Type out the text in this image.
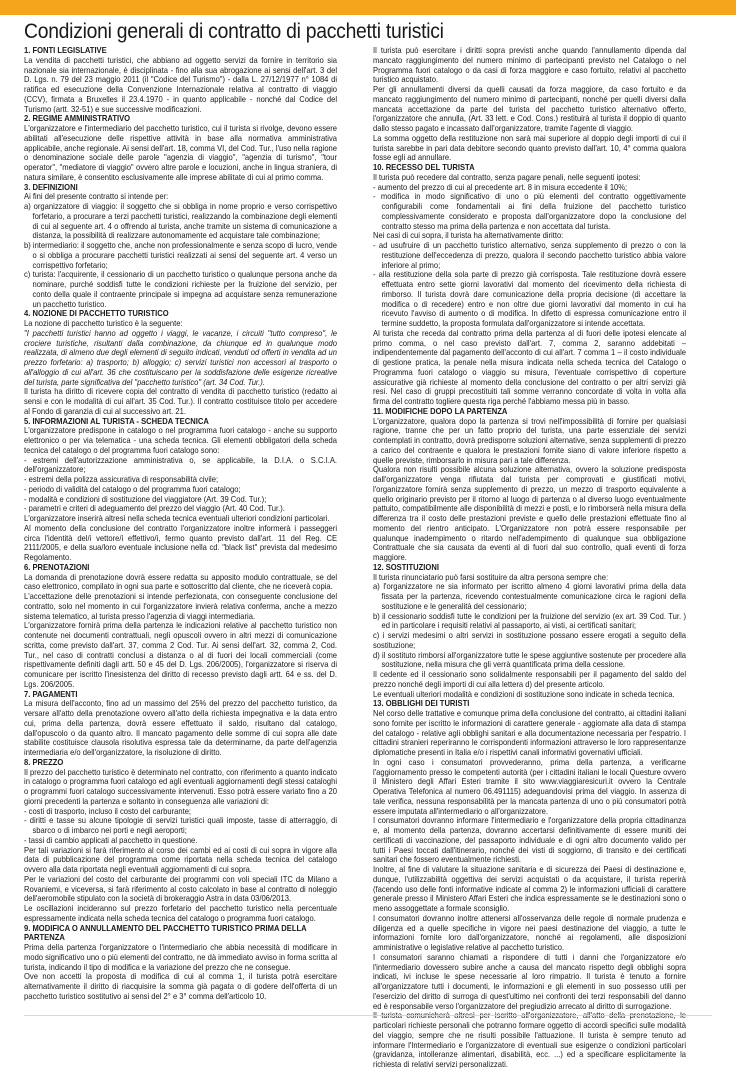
Condizioni generali di contratto di pacchetti turistici
1. FONTI LEGISLATIVE

La vendita di pacchetti turistici, che abbiano ad oggetto servizi da fornire in territorio sia nazionale sia internazionale, è disciplinata - fino alla sua abrogazione ai sensi dell'art. 3 del D. Lgs. n. 79 del 23 maggio 2011 (il "Codice del Turismo") - dalla L. 27/12/1977 n° 1084 di ratifica ed esecuzione della Convenzione Internazionale relativa al contratto di viaggio (CCV), firmata a Bruxelles il 23.4.1970 - in quanto applicabile - nonché dal Codice del Turismo (artt. 32-51) e sue successive modificazioni.

2. REGIME AMMINISTRATIVO

L'organizzatore e l'intermediario del pacchetto turistico, cui il turista si rivolge, devono essere abilitati all'esecuzione delle rispettive attività in base alla normativa amministrativa applicabile, anche regionale. Ai sensi dell'art. 18, comma VI, del Cod. Tur., l'uso nella ragione o denominazione sociale delle parole "agenzia di viaggio", "agenzia di turismo", "tour operator", "mediatore di viaggio" ovvero altre parole e locuzioni, anche in lingua straniera, di natura similare, è consentito esclusivamente alle imprese abilitate di cui al primo comma.

3. DEFINIZIONI

Ai fini del presente contratto si intende per:

a) organizzatore di viaggio: il soggetto che si obbliga in nome proprio e verso corrispettivo forfetario, a procurare a terzi pacchetti turistici, realizzando la combinazione degli elementi di cui al seguente art. 4 o offrendo al turista, anche tramite un sistema di comunicazione a distanza, la possibilità di realizzare autonomamente ed acquistare tale combinazione;

b) intermediario: il soggetto che, anche non professionalmente e senza scopo di lucro, vende o si obbliga a procurare pacchetti turistici realizzati ai sensi del seguente art. 4 verso un corrispettivo forfetario;

c) turista: l'acquirente, il cessionario di un pacchetto turistico o qualunque persona anche da nominare, purché soddisfi tutte le condizioni richieste per la fruizione del servizio, per conto della quale il contraente principale si impegna ad acquistare senza remunerazione un pacchetto turistico.

4. NOZIONE DI PACCHETTO TURISTICO

La nozione di pacchetto turistico è la seguente:

"I pacchetti turistici hanno ad oggetto i viaggi, le vacanze, i circuiti "tutto compreso", le crociere turistiche, risultanti dalla combinazione, da chiunque ed in qualunque modo realizzata, di almeno due degli elementi di seguito indicati, venduti od offerti in vendita ad un prezzo forfetario: a) trasporto; b) alloggio; c) servizi turistici non accessori al trasporto o all'alloggio di cui all'art. 36 che costituiscano per la soddisfazione delle esigenze ricreative del turista, parte significativa del "pacchetto turistico" (art. 34 Cod. Tur.).

Il turista ha diritto di ricevere copia del contratto di vendita di pacchetto turistico (redatto ai sensi e con le modalità di cui all'art. 35 Cod. Tur.). Il contratto costituisce titolo per accedere al Fondo di garanzia di cui al successivo art. 21.

5. INFORMAZIONI AL TURISTA - SCHEDA TECNICA

L'organizzatore predispone in catalogo o nel programma fuori catalogo - anche su supporto elettronico o per via telematica - una scheda tecnica. Gli elementi obbligatori della scheda tecnica del catalogo o del programma fuori catalogo sono:

- estremi dell'autorizzazione amministrativa o, se applicabile, la D.I.A. o S.C.I.A. dell'organizzatore;

- estremi della polizza assicurativa di responsabilità civile;

- periodo di validità del catalogo o del programma fuori catalogo;

- modalità e condizioni di sostituzione del viaggiatore (Art. 39 Cod. Tur.);

- parametri e criteri di adeguamento del prezzo del viaggio (Art. 40 Cod. Tur.).

L'organizzatore inserirà altresì nella scheda tecnica eventuali ulteriori condizioni particolari.

Al momento della conclusione del contratto l'organizzatore inoltre informerà i passeggeri circa l'identità del/i vettore/i effettivo/i, fermo quanto previsto dall'art. 11 del Reg. CE 2111/2005, e della sua/loro eventuale inclusione nella cd. "black list" prevista dal medesimo Regolamento.

6. PRENOTAZIONI

La domanda di prenotazione dovrà essere redatta su apposito modulo contrattuale, se del caso elettronico, compilato in ogni sua parte e sottoscritto dal cliente, che ne riceverà copia.

L'accettazione delle prenotazioni si intende perfezionata, con conseguente conclusione del contratto, solo nel momento in cui l'organizzatore invierà relativa conferma, anche a mezzo sistema telematico, al turista presso l'agenzia di viaggi intermediaria.

L'organizzatore fornirà prima della partenza le indicazioni relative al pacchetto turistico non contenute nei documenti contrattuali, negli opuscoli ovvero in altri mezzi di comunicazione scritta, come previsto dall'art. 37, comma 2 Cod. Tur. Ai sensi dell'art. 32, comma 2, Cod. Tur., nel caso di contratti conclusi a distanza o al di fuori dei locali commerciali (come rispettivamente definiti dagli artt. 50 e 45 del D. Lgs. 206/2005), l'organizzatore si riserva di comunicare per iscritto l'inesistenza del diritto di recesso previsto dagli artt. 64 e ss. del D. Lgs. 206/2005.

7. PAGAMENTI

La misura dell'acconto, fino ad un massimo del 25% del prezzo del pacchetto turistico, da versare all'atto della prenotazione ovvero all'atto della richiesta impegnativa e la data entro cui, prima della partenza, dovrà essere effettuato il saldo, risultano dal catalogo, dall'opuscolo o da quanto altro. Il mancato pagamento delle somme di cui sopra alle date stabilite costituisce clausola risolutiva espressa tale da determinarne, da parte dell'agenzia intermediaria e/o dell'organizzatore, la risoluzione di diritto.

8. PREZZO

Il prezzo del pacchetto turistico è determinato nel contratto, con riferimento a quanto indicato in catalogo o programma fuori catalogo ed agli eventuali aggiornamenti degli stessi cataloghi o programmi fuori catalogo successivamente intervenuti. Esso potrà essere variato fino a 20 giorni precedenti la partenza e soltanto in conseguenza alle variazioni di:

- costi di trasporto, incluso il costo del carburante;

- diritti e tasse su alcune tipologie di servizi turistici quali imposte, tasse di atterraggio, di sbarco o di imbarco nei porti e negli aeroporti;

- tassi di cambio applicati al pacchetto in questione.

Per tali variazioni si farà riferimento al corso dei cambi ed ai costi di cui sopra in vigore alla data di pubblicazione del programma come riportata nella scheda tecnica del catalogo ovvero alla data riportata negli eventuali aggiornamenti di cui sopra.

Per le variazioni del costo del carburante dei programmi con voli speciali ITC da Milano a Rovaniemi, e viceversa, si farà riferimento al costo calcolato in base al contratto di noleggio dell'aeromobile stipulato con la società di brokeraggio Astra in data 03/06/2013.

Le oscillazioni incideranno sul prezzo forfetario del pacchetto turistico nella percentuale espressamente indicata nella scheda tecnica del catalogo o programma fuori catalogo.

9. MODIFICA O ANNULLAMENTO DEL PACCHETTO TURISTICO PRIMA DELLA PARTENZA

Prima della partenza l'organizzatore o l'intermediario che abbia necessità di modificare in modo significativo uno o più elementi del contratto, ne dà immediato avviso in forma scritta al turista, indicando il tipo di modifica e la variazione del prezzo che ne consegue.

Ove non accetti la proposta di modifica di cui al comma 1, il turista potrà esercitare alternativamente il diritto di riacquisire la somma già pagata o di godere dell'offerta di un pacchetto turistico sostitutivo ai sensi del 2° e 3° comma dell'articolo 10.

Il turista può esercitare i diritti sopra previsti anche quando l'annullamento dipenda dal mancato raggiungimento del numero minimo di partecipanti previsto nel Catalogo o nel Programma fuori catalogo o da casi di forza maggiore e caso fortuito, relativi al pacchetto turistico acquistato.

Per gli annullamenti diversi da quelli causati da forza maggiore, da caso fortuito e da mancato raggiungimento del numero minimo di partecipanti, nonché per quelli diversi dalla mancata accettazione da parte del turista del pacchetto turistico alternativo offerto, l'organizzatore che annulla, (Art. 33 lett. e Cod. Cons.) restituirà al turista il doppio di quanto dallo stesso pagato e incassato dall'organizzatore, tramite l'agente di viaggio.

La somma oggetto della restituzione non sarà mai superiore al doppio degli importi di cui il turista sarebbe in pari data debitore secondo quanto previsto dall'art. 10, 4° comma qualora fosse egli ad annullare.

10. RECESSO DEL TURISTA

Il turista può recedere dal contratto, senza pagare penali, nelle seguenti ipotesi:

- aumento del prezzo di cui al precedente art. 8 in misura eccedente il 10%;

- modifica in modo significativo di uno o più elementi del contratto oggettivamente configurabili come fondamentali ai fini della fruizione del pacchetto turistico complessivamente considerato e proposta dall'organizzatore dopo la conclusione del contratto stesso ma prima della partenza e non accettata dal turista.

Nei casi di cui sopra, il turista ha alternativamente diritto:

- ad usufruire di un pacchetto turistico alternativo, senza supplemento di prezzo o con la restituzione dell'eccedenza di prezzo, qualora il secondo pacchetto turistico abbia valore inferiore al primo;

- alla restituzione della sola parte di prezzo già corrisposta. Tale restituzione dovrà essere effettuata entro sette giorni lavorativi dal momento del ricevimento della richiesta di rimborso. Il turista dovrà dare comunicazione della propria decisione (di accettare la modifica o di recedere) entro e non oltre due giorni lavorativi dal momento in cui ha ricevuto l'avviso di aumento o di modifica. In difetto di espressa comunicazione entro il termine suddetto, la proposta formulata dall'organizzatore si intende accettata.

Al turista che receda dal contratto prima della partenza al di fuori delle ipotesi elencate al primo comma, o nel caso previsto dall'art. 7, comma 2, saranno addebitati – indipendentemente dal pagamento dell'acconto di cui all'art. 7 comma 1 – il costo individuale di gestione pratica, la penale nella misura indicata nella scheda tecnica del Catalogo o Programma fuori catalogo o viaggio su misura, l'eventuale corrispettivo di coperture assicurative già richieste al momento della conclusione del contratto o per altri servizi già resi. Nel caso di gruppi precostituiti tali somme verranno concordate di volta in volta alla firma del contratto togliere questa riga perché l'abbiamo messa più in basso.

11. MODIFICHE DOPO LA PARTENZA

L'organizzatore, qualora dopo la partenza si trovi nell'impossibilità di fornire per qualsiasi ragione, tranne che per un fatto proprio del turista, una parte essenziale dei servizi contemplati in contratto, dovrà predisporre soluzioni alternative, senza supplementi di prezzo a carico del contraente e qualora le prestazioni fornite siano di valore inferiore rispetto a quelle previste, rimborsarlo in misura pari a tale differenza.

Qualora non risulti possibile alcuna soluzione alternativa, ovvero la soluzione predisposta dall'organizzatore venga rifiutata dal turista per comprovati e giustificati motivi, l'organizzatore fornirà senza supplemento di prezzo, un mezzo di trasporto equivalente a quello originario previsto per il ritorno al luogo di partenza o al diverso luogo eventualmente pattuito, compatibilmente alle disponibilità di mezzi e posti, e lo rimborserà nella misura della differenza tra il costo delle prestazioni previste e quello delle prestazioni effettuate fino al momento del rientro anticipato. L'Organizzatore non potrà essere responsabile per qualunque inadempimento o ritardo nell'adempimento di qualunque sua obbligazione Contrattuale che sia causata da eventi al di fuori dal suo controllo, quali eventi di forza maggiore.

12. SOSTITUZIONI

Il turista rinunciatario può farsi sostituire da altra persona sempre che:

a) l'organizzatore ne sia informato per iscritto almeno 4 giorni lavorativi prima della data fissata per la partenza, ricevendo contestualmente comunicazione circa le ragioni della sostituzione e le generalità del cessionario;

b) il cessionario soddisfi tutte le condizioni per la fruizione del servizio (ex art. 39 Cod. Tur. ) ed in particolare i requisiti relativi al passaporto, ai visti, ai certificati sanitari;

c) i servizi medesimi o altri servizi in sostituzione possano essere erogati a seguito della sostituzione;

d) il sostituto rimborsi all'organizzatore tutte le spese aggiuntive sostenute per procedere alla sostituzione, nella misura che gli verrà quantificata prima della cessione.

Il cedente ed il cessionario sono solidalmente responsabili per il pagamento del saldo del prezzo nonché degli importi di cui alla lettera d) del presente articolo.

Le eventuali ulteriori modalità e condizioni di sostituzione sono indicate in scheda tecnica.

13. OBBLIGHI DEI TURISTI

Nel corso delle trattative e comunque prima della conclusione del contratto, ai cittadini italiani sono fornite per iscritto le informazioni di carattere generale - aggiornate alla data di stampa del catalogo - relative agli obblighi sanitari e alla documentazione necessaria per l'espatrio. I cittadini stranieri reperiranno le corrispondenti informazioni attraverso le loro rappresentanze diplomatiche presenti in Italia e/o i rispettivi canali informativi governativi ufficiali.

In ogni caso i consumatori provvederanno, prima della partenza, a verificarne l'aggiornamento presso le competenti autorità (per i cittadini italiani le locali Questure ovvero il Ministero degli Affari Esteri tramite il sito www.viaggiaresicuri.it ovvero la Centrale Operativa Telefonica al numero 06.491115) adeguandovisi prima del viaggio. In assenza di tale verifica, nessuna responsabilità per la mancata partenza di uno o più consumatori potrà essere imputata all'intermediario o all'organizzatore.

I consumatori dovranno informare l'intermediario e l'organizzatore della propria cittadinanza e, al momento della partenza, dovranno accertarsi definitivamente di essere muniti dei certificati di vaccinazione, del passaporto individuale e di ogni altro documento valido per tutti i Paesi toccati dall'itinerario, nonché dei visti di soggiorno, di transito e dei certificati sanitari che fossero eventualmente richiesti.

Inoltre, al fine di valutare la situazione sanitaria e di sicurezza dei Paesi di destinazione e, dunque, l'utilizzabilità oggettiva dei servizi acquistati o da acquistare, il turista reperirà (facendo uso delle fonti informative indicate al comma 2) le informazioni ufficiali di carattere generale presso il Ministero Affari Esteri che indica espressamente se le destinazioni sono o meno assoggettate a formale sconsiglio.

I consumatori dovranno inoltre attenersi all'osservanza delle regole di normale prudenza e diligenza ed a quelle specifiche in vigore nei paesi destinazione del viaggio, a tutte le informazioni fornite loro dall'organizzatore, nonché ai regolamenti, alle disposizioni amministrative o legislative relative al pacchetto turistico.

I consumatori saranno chiamati a rispondere di tutti i danni che l'organizzatore e/o l'intermediario dovessero subire anche a causa del mancato rispetto degli obblighi sopra indicati, ivi incluse le spese necessarie al loro rimpatrio. Il turista è tenuto a fornire all'organizzatore tutti i documenti, le informazioni e gli elementi in suo possesso utili per l'esercizio del diritto di surroga di quest'ultimo nei confronti dei terzi responsabili del danno ed è responsabile verso l'organizzatore del pregiudizio arrecato al diritto di surrogazione.

particolari richieste personali che potranno formare oggetto di accordi specifici sulle modalità del viaggio, sempre che ne risulti possibile l'attuazione. Il turista è sempre tenuto ad informare l'Intermediario e l'organizzatore di eventuali sue esigenze o condizioni particolari (gravidanza, intolleranze alimentari, disabilità, ecc. ...) ed a specificare esplicitamente la richiesta di relativi servizi personalizzati.
